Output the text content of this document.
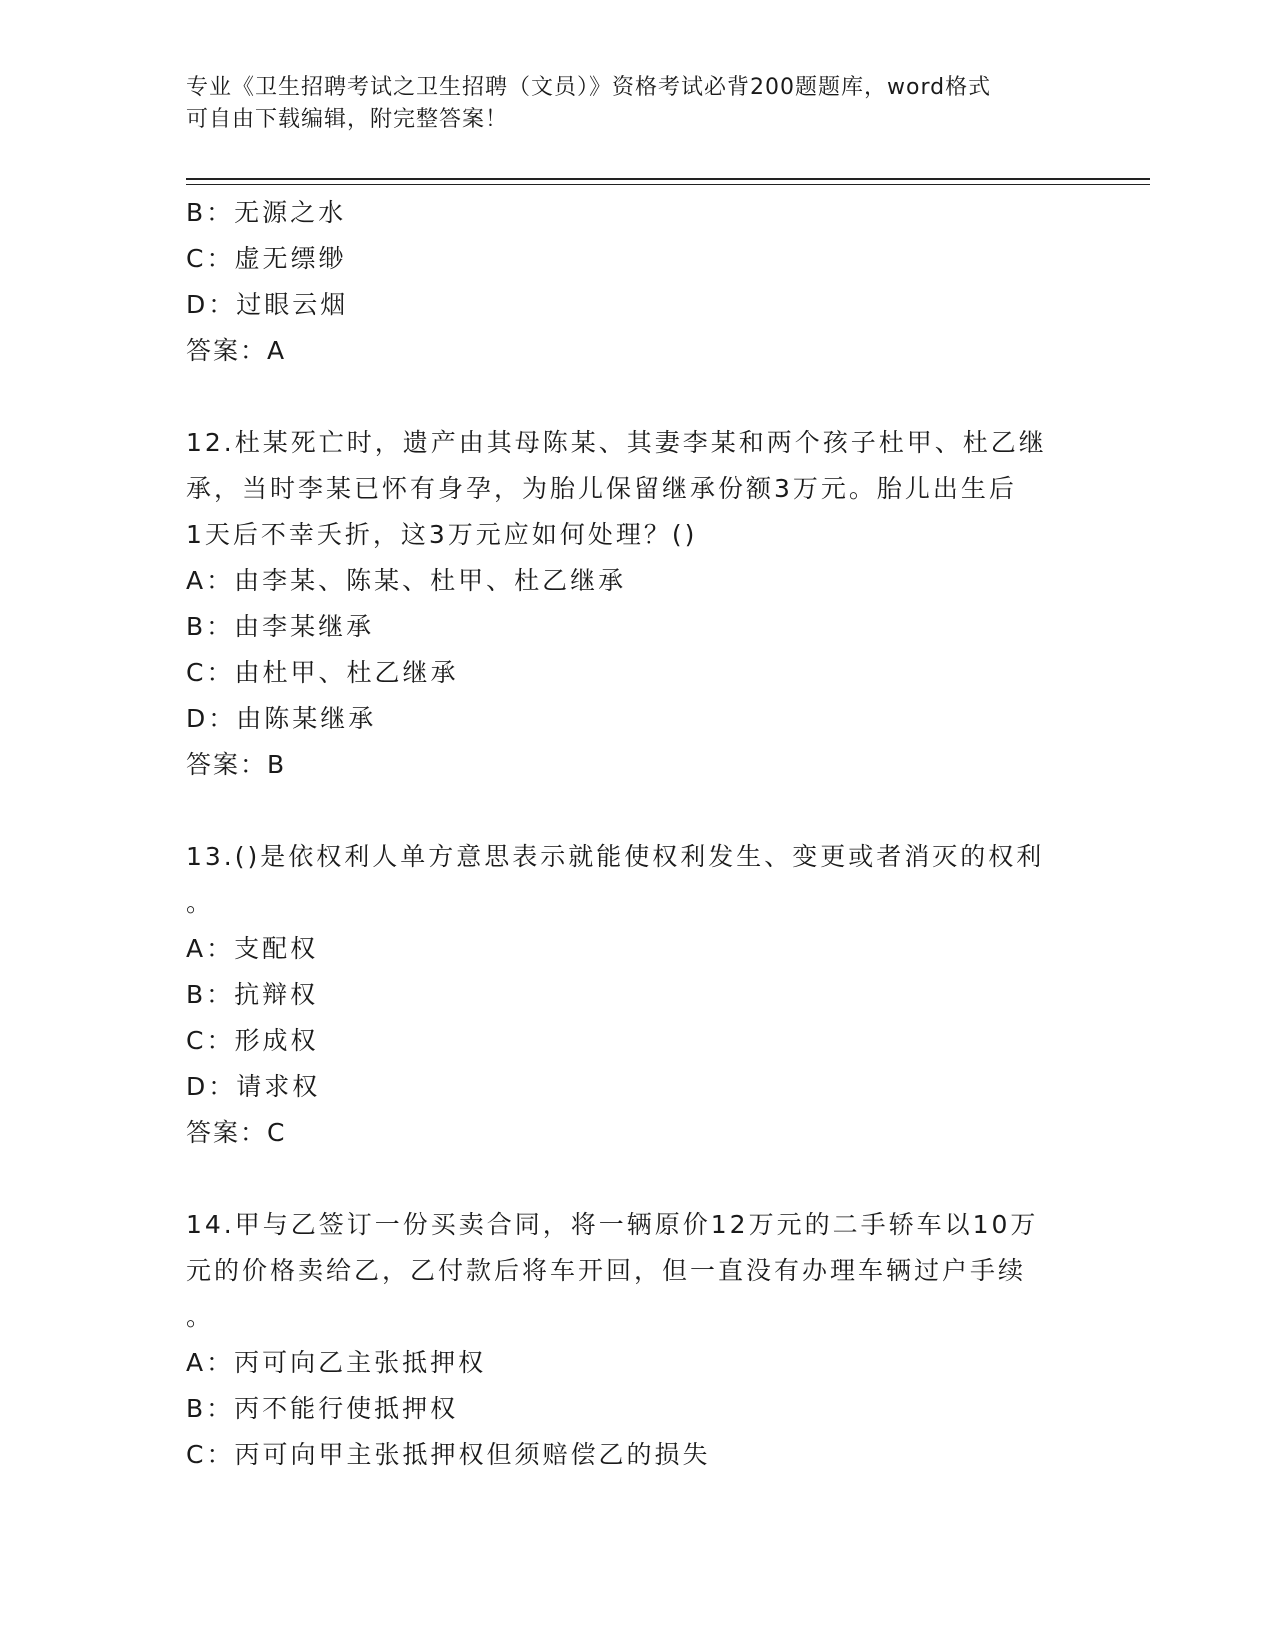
专业《卫生招聘考试之卫生招聘（文员）》资格考试必背200题题库，word格式
可自由下载编辑，附完整答案！
B：无源之水
C：虚无缥缈
D：过眼云烟
答案：A
12.杜某死亡时，遗产由其母陈某、其妻李某和两个孩子杜甲、杜乙继
承，当时李某已怀有身孕，为胎儿保留继承份额3万元。胎儿出生后
1天后不幸夭折，这3万元应如何处理？()
A：由李某、陈某、杜甲、杜乙继承
B：由李某继承
C：由杜甲、杜乙继承
D：由陈某继承
答案：B
13.()是依权利人单方意思表示就能使权利发生、变更或者消灭的权利
。
A：支配权
B：抗辩权
C：形成权
D：请求权
答案：C
14.甲与乙签订一份买卖合同，将一辆原价12万元的二手轿车以10万
元的价格卖给乙，乙付款后将车开回，但一直没有办理车辆过户手续
。
A：丙可向乙主张抵押权
B：丙不能行使抵押权
C：丙可向甲主张抵押权但须赔偿乙的损失
